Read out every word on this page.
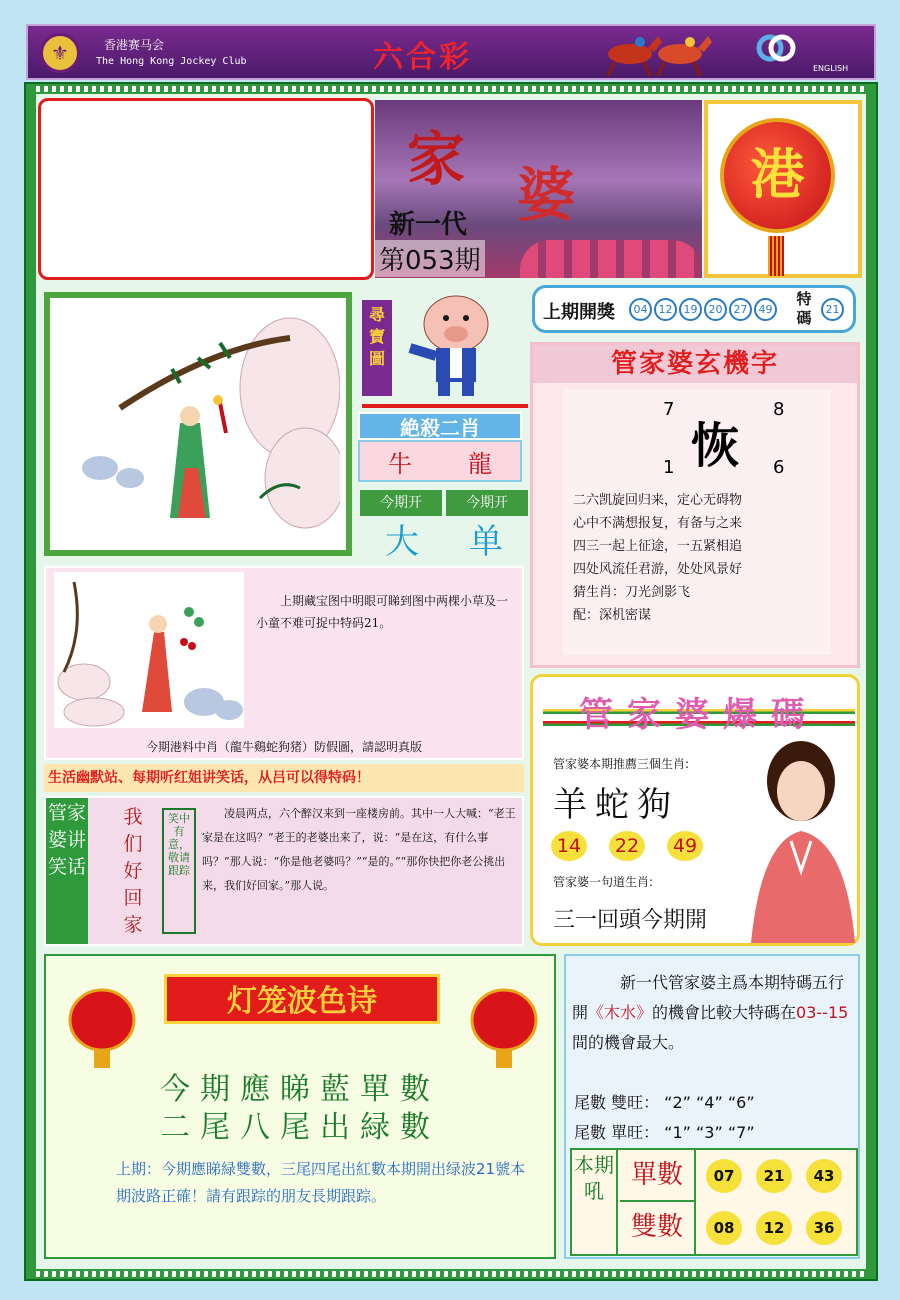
⚜	香港赛马会
The Hong Kong Jockey Club	六合彩	ENGLISH
家
婆
新一代
第053期
港
尋寶圖
絶殺二肖
牛 龍
今期开	今期开
大 单
上期開獎	04	12	19	20	27	49
特碼	21
管家婆玄機字
7	8
恢
1	6
二六凯旋回归来，定心无碍物
心中不满想报复，有备与之来
四三一起上征途，一五紧相追
四处风流任君游，处处风景好
猜生肖：刀光剑影飞
配：深机密谋
上期藏宝图中明眼可睇到图中两棵小草及一小童不难可捉中特码21。
今期港料中肖（龍牛鷄蛇狗猪）防假圖，請認明真版
生活幽默站、每期听红姐讲笑话，从吕可以得特码！
管家婆讲笑话
我们好回家
笑中有意，敬请跟踪
凌晨两点，六个醉汉来到一座楼房前。其中一人大喊：“老王家是在这吗？”老王的老婆出来了，说：“是在这，有什么事吗？”那人说：“你是他老婆吗？”“是的。”“那你快把你老公挑出来，我们好回家。”那人说。
管家婆爆碼
管家婆本期推薦三個生肖:
羊蛇狗
14	22	49
管家婆一句道生肖:
三一回頭今期開
灯笼波色诗
今期應睇藍單數
二尾八尾出緑數
上期：今期應睇緑雙數，三尾四尾出紅數本期開出绿波21號本期波路正確！請有跟踪的朋友長期跟踪。
新一代管家婆主爲本期特碼五行開《木水》的機會比較大特碼在03--15間的機會最大。
尾數 雙旺： “2” “4” “6”
尾數 單旺： “1” “3” “7”
本期吼
單數
雙數
07	21	43
08	12	36
